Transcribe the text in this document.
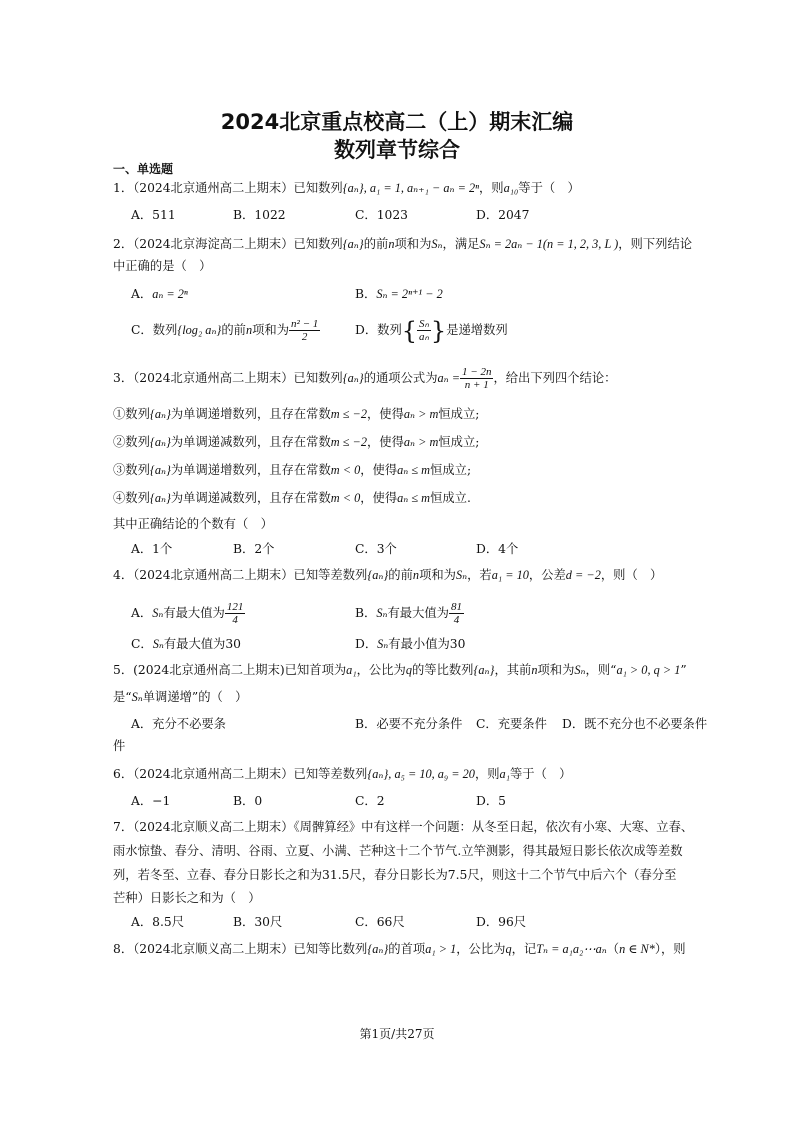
2024北京重点校高二（上）期末汇编
数列章节综合
一、单选题
1．（2024北京通州高二上期末）已知数列{aₙ}, a₁ = 1, aₙ₊₁ − aₙ = 2ⁿ，则a₁₀等于（　）
A．511	B．1022	C．1023	D．2047
2．（2024北京海淀高二上期末）已知数列{aₙ}的前n项和为Sₙ，满足Sₙ = 2aₙ − 1(n = 1, 2, 3, L )，则下列结论
中正确的是（　）
A．aₙ = 2ⁿ	B．Sₙ = 2ⁿ⁺¹ − 2
C．数列{log₂ aₙ}的前n项和为 $\frac{\text{n² − 1}}{2}$	D．数列{ $\frac{\text{Sₙ}}{\text{aₙ}}$ }是递增数列
3．（2024北京通州高二上期末）已知数列{aₙ}的通项公式为$a_n = \frac{1 - 2n}{n + 1}$ ，给出下列四个结论：
①数列{aₙ}为单调递增数列，且存在常数m ≤ −2，使得aₙ > m恒成立;
②数列{aₙ}为单调递减数列，且存在常数m ≤ −2，使得aₙ > m恒成立;
③数列{aₙ}为单调递增数列，且存在常数m < 0，使得aₙ ≤ m恒成立;
④数列{aₙ}为单调递减数列，且存在常数m < 0，使得aₙ ≤ m恒成立.
其中正确结论的个数有（　）
A．1个	B．2个	C．3个	D．4个
4．（2024北京通州高二上期末）已知等差数列{aₙ}的前n项和为Sₙ，若a₁ = 10，公差d = −2，则（　）
A．Sₙ有最大值为 $\frac{121}{4}$	B．Sₙ有最大值为 $\frac{81}{4}$
C．Sₙ有最大值为30	D．Sₙ有最小值为30
5．(2024北京通州高二上期末)已知首项为a₁，公比为q的等比数列{aₙ}，其前n项和为Sₙ，则“a₁ > 0, q > 1”
是“Sₙ单调递增”的（　）
A．充分不必要条
件
B．必要不充分条件 C．充要条件 D．既不充分也不必要条件
6．（2024北京通州高二上期末）已知等差数列{aₙ}, a₅ = 10, a₉ = 20，则a₁等于（　）
A．−1	B．0	C．2	D．5
7．（2024北京顺义高二上期末）《周髀算经》中有这样一个问题：从冬至日起，依次有小寒、大寒、立春、
雨水惊蛰、春分、清明、谷雨、立夏、小满、芒种这十二个节气.立竿测影，得其最短日影长依次成等差数
列，若冬至、立春、春分日影长之和为31.5尺，春分日影长为7.5尺，则这十二个节气中后六个（春分至
芒种）日影长之和为（　）
A．8.5尺	B．30尺	C．66尺	D．96尺
8．（2024北京顺义高二上期末）已知等比数列{aₙ}的首项a₁ > 1，公比为q，记Tₙ = a₁a₂⋯aₙ（n ∈ N*），则
第1页/共27页
